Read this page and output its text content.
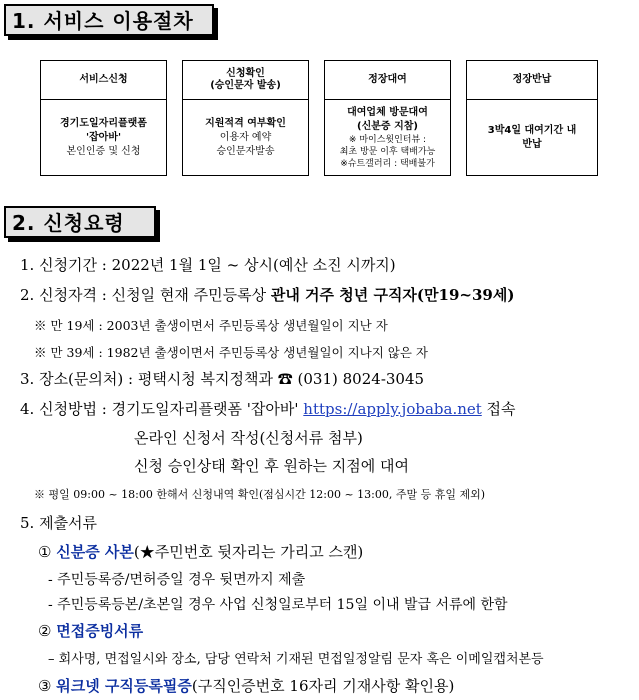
1. 서비스 이용절차
서비스신청
경기도일자리플랫폼
'잡아바'
본인인증 및 신청
신청확인
(승인문자 발송)
지원적격 여부확인
이용자 예약
승인문자발송
정장대여
대여업체 방문대여
(신분증 지참)
※ 마이스윗인터뷰 :
최초 방문 이후 택배가능
※슈트갤러리 : 택배불가
정장반납
3박4일 대여기간 내
반납
2. 신청요령
1. 신청기간 : 2022년 1월 1일 ~ 상시(예산 소진 시까지)
2. 신청자격 : 신청일 현재 주민등록상 관내 거주 청년 구직자(만19~39세)
※ 만 19세 : 2003년 출생이면서 주민등록상 생년월일이 지난 자
※ 만 39세 : 1982년 출생이면서 주민등록상 생년월일이 지나지 않은 자
3. 장소(문의처) : 평택시청 복지정책과 ☎ (031) 8024-3045
4. 신청방법 : 경기도일자리플랫폼 '잡아바' https://apply.jobaba.net 접속
온라인 신청서 작성(신청서류 첨부)
신청 승인상태 확인 후 원하는 지점에 대여
※ 평일 09:00 ~ 18:00 한해서 신청내역 확인(점심시간 12:00 ~ 13:00, 주말 등 휴일 제외)
5. 제출서류
① 신분증 사본(★주민번호 뒷자리는 가리고 스캔)
- 주민등록증/면허증일 경우 뒷면까지 제출
- 주민등록등본/초본일 경우 사업 신청일로부터 15일 이내 발급 서류에 한함
② 면접증빙서류
– 회사명, 면접일시와 장소, 담당 연락처 기재된 면접일정알림 문자 혹은 이메일캡처본등
③ 워크넷 구직등록필증(구직인증번호 16자리 기재사항 확인용)
